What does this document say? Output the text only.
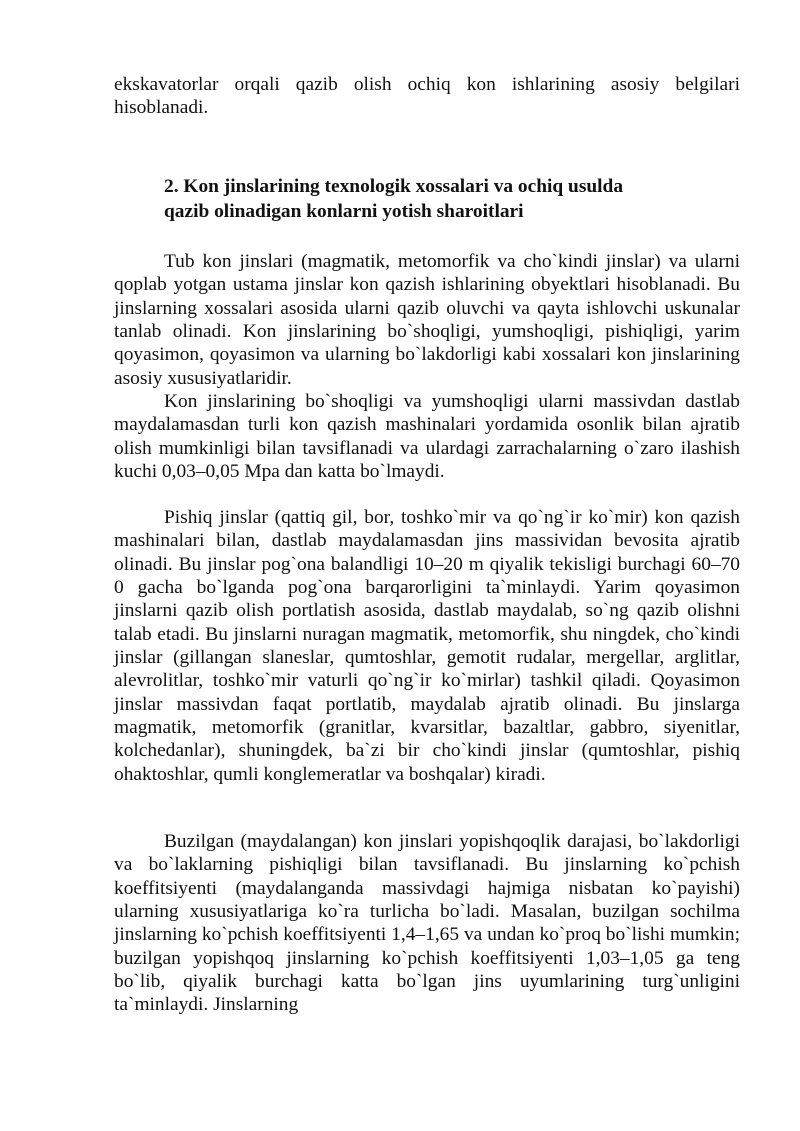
ekskavatorlar orqali qazib olish ochiq kon ishlarining asosiy belgilari hisoblanadi.

2. Kon jinslarining texnologik xossalari va ochiq usulda
qazib olinadigan konlarni yotish sharoitlari

Tub kon jinslari (magmatik, metomorfik va cho`kindi jinslar) va ularni qoplab yotgan ustama jinslar kon qazish ishlarining obyektlari hisoblanadi. Bu jinslarning xossalari asosida ularni qazib oluvchi va qayta ishlovchi uskunalar tanlab olinadi. Kon jinslarining bo`shoqligi, yumshoqligi, pishiqligi, yarim qoyasimon, qoyasimon va ularning bo`lakdorligi kabi xossalari kon jinslarining asosiy xususiyatlaridir.

Kon jinslarining bo`shoqligi va yumshoqligi ularni massivdan dastlab maydalamasdan turli kon qazish mashinalari yordamida osonlik bilan ajratib olish mumkinligi bilan tavsiflanadi va ulardagi zarrachalarning o`zaro ilashish kuchi 0,03–0,05 Mpa dan katta bo`lmaydi.

Pishiq jinslar (qattiq gil, bor, toshko`mir va qo`ng`ir ko`mir) kon qazish mashinalari bilan, dastlab maydalamasdan jins massividan bevosita ajratib olinadi. Bu jinslar pog`ona balandligi 10–20 m qiyalik tekisligi burchagi 60–70 0 gacha bo`lganda pog`ona barqarorligini ta`minlaydi. Yarim qoyasimon jinslarni qazib olish portlatish asosida, dastlab maydalab, so`ng qazib olishni talab etadi. Bu jinslarni nuragan magmatik, metomorfik, shu ningdek, cho`kindi jinslar (gillangan slaneslar, qumtoshlar, gemotit rudalar, mergellar, arglitlar, alevrolitlar, toshko`mir vaturli qo`ng`ir ko`mirlar) tashkil qiladi. Qoyasimon jinslar massivdan faqat portlatib, maydalab ajratib olinadi. Bu jinslarga magmatik, metomorfik (granitlar, kvarsitlar, bazaltlar, gabbro, siyenitlar, kolchedanlar), shuningdek, ba`zi bir cho`kindi jinslar (qumtoshlar, pishiq ohaktoshlar, qumli konglemeratlar va boshqalar) kiradi.

Buzilgan (maydalangan) kon jinslari yopishqoqlik darajasi, bo`lakdorligi va bo`laklarning pishiqligi bilan tavsiflanadi. Bu jinslarning ko`pchish koeffitsiyenti (maydalanganda massivdagi hajmiga nisbatan ko`payishi) ularning xususiyatlariga ko`ra turlicha bo`ladi. Masalan, buzilgan sochilma jinslarning ko`pchish koeffitsiyenti 1,4–1,65 va undan ko`proq bo`lishi mumkin; buzilgan yopishqoq jinslarning ko`pchish koeffitsiyenti 1,03–1,05 ga teng bo`lib, qiyalik burchagi katta bo`lgan jins uyumlarining turg`unligini ta`minlaydi. Jinslarning
